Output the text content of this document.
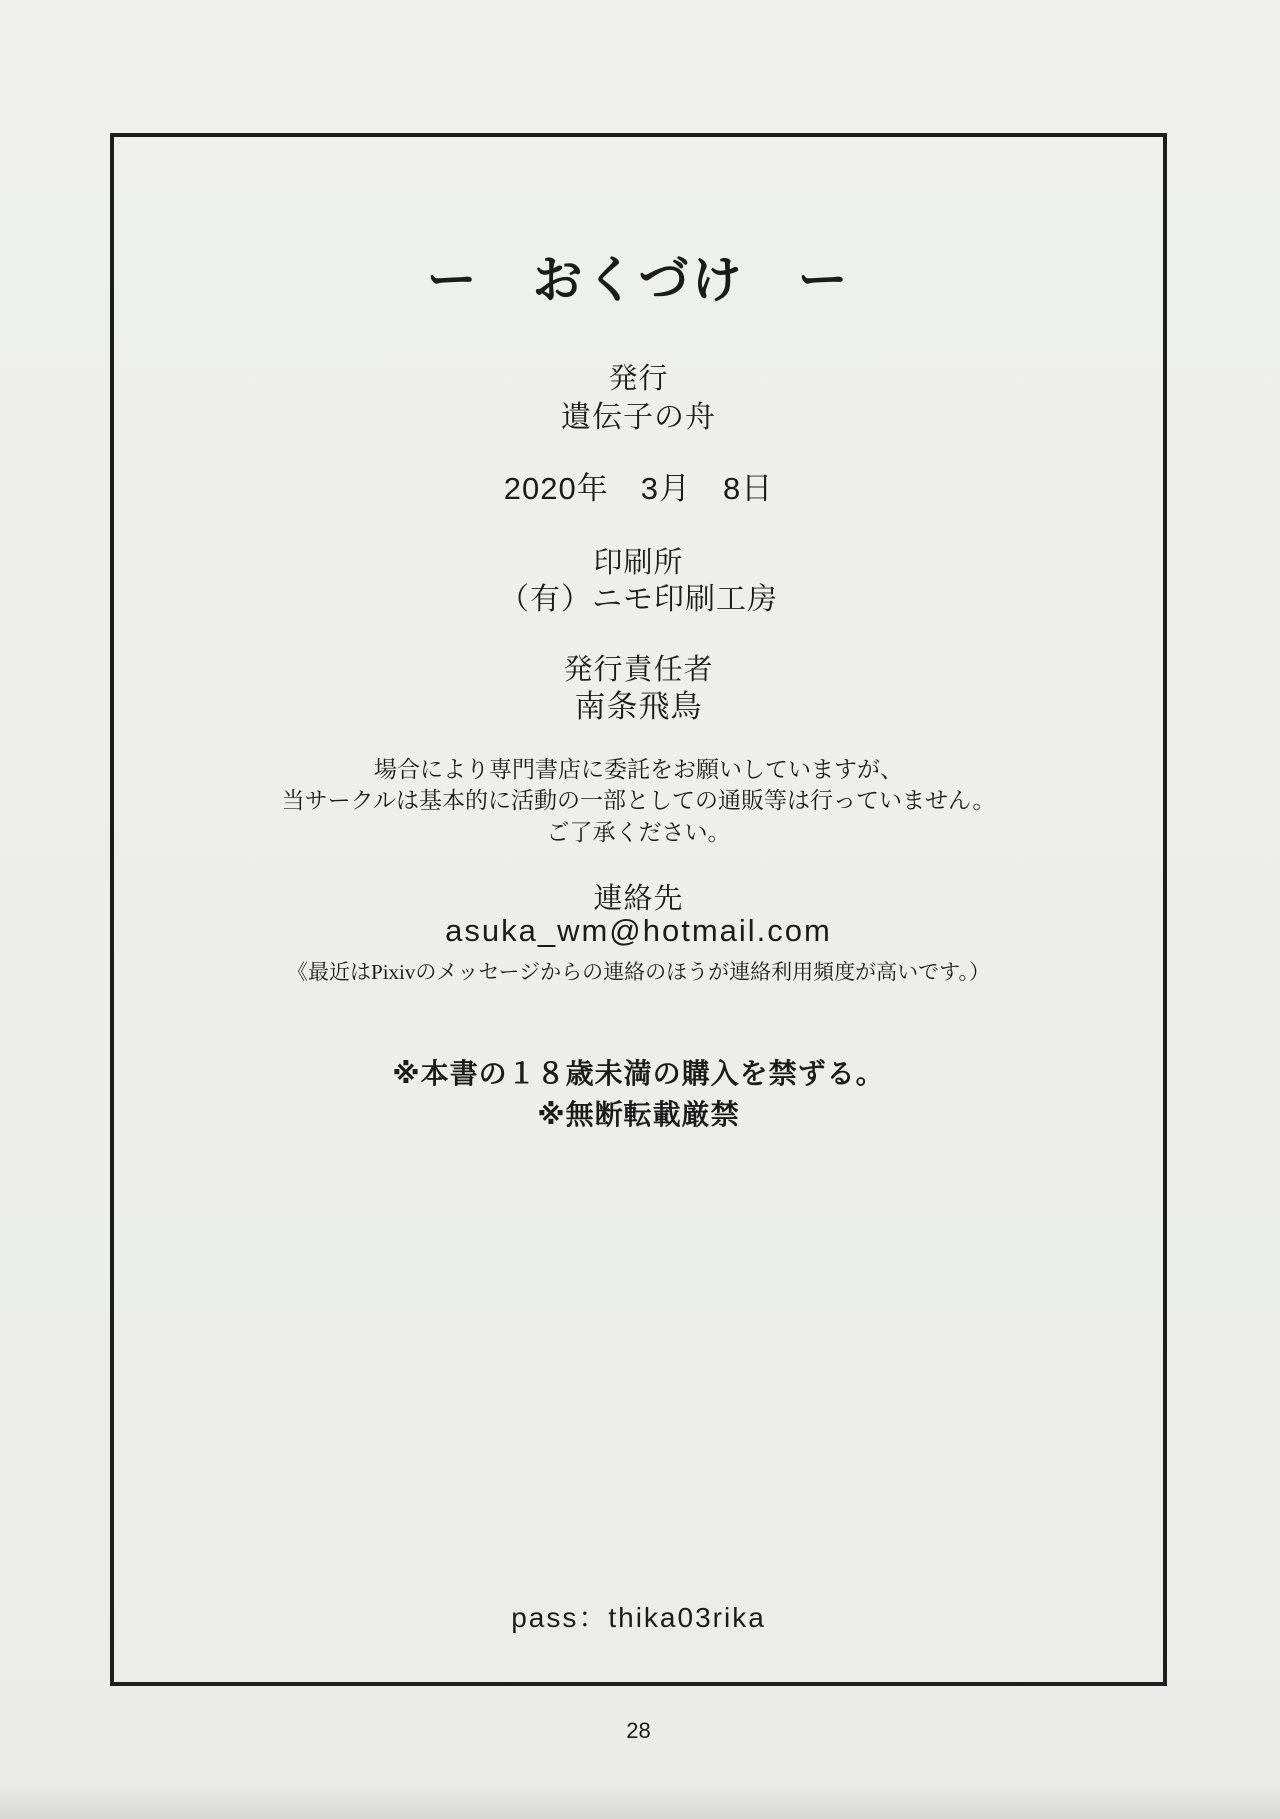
ー　おくづけ　ー
発行
遺伝子の舟
2020年　3月　8日
印刷所
（有）ニモ印刷工房
発行責任者
南条飛鳥
場合により専門書店に委託をお願いしていますが、
当サークルは基本的に活動の一部としての通販等は行っていません。
ご了承ください。
連絡先
asuka_wm@hotmail.com
《最近はPixivのメッセージからの連絡のほうが連絡利用頻度が高いです。）
※本書の１８歳未満の購入を禁ずる。
※無断転載厳禁
pass：thika03rika
28
